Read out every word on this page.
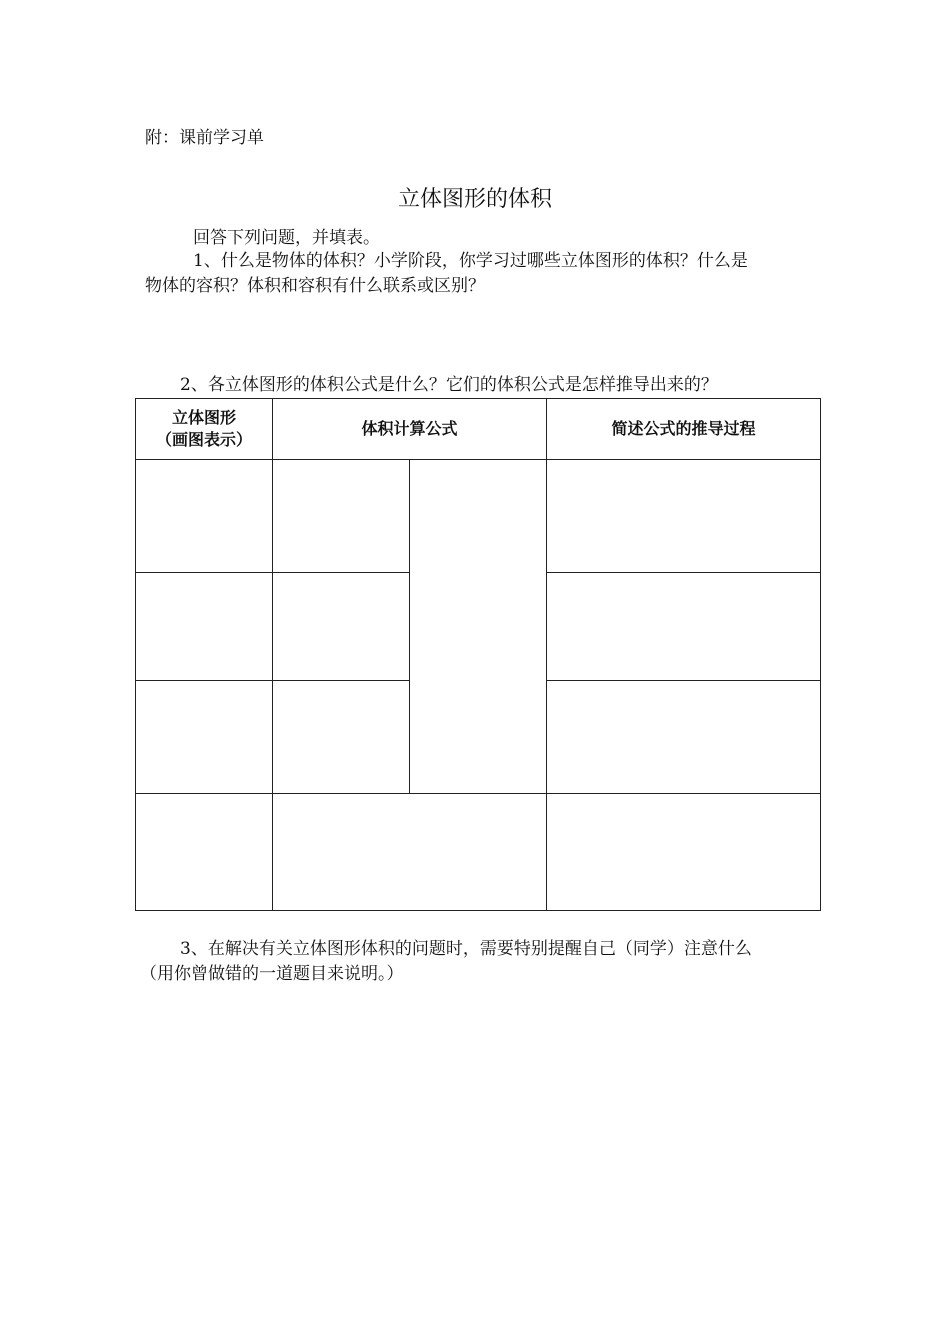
附：课前学习单
立体图形的体积
回答下列问题，并填表。
1、什么是物体的体积？小学阶段，你学习过哪些立体图形的体积？什么是
物体的容积？体积和容积有什么联系或区别？
2、各立体图形的体积公式是什么？它们的体积公式是怎样推导出来的？
立体图形
（画图表示）	体积计算公式		简述公式的推导过程

3、在解决有关立体图形体积的问题时，需要特别提醒自己（同学）注意什么
（用你曾做错的一道题目来说明。）
